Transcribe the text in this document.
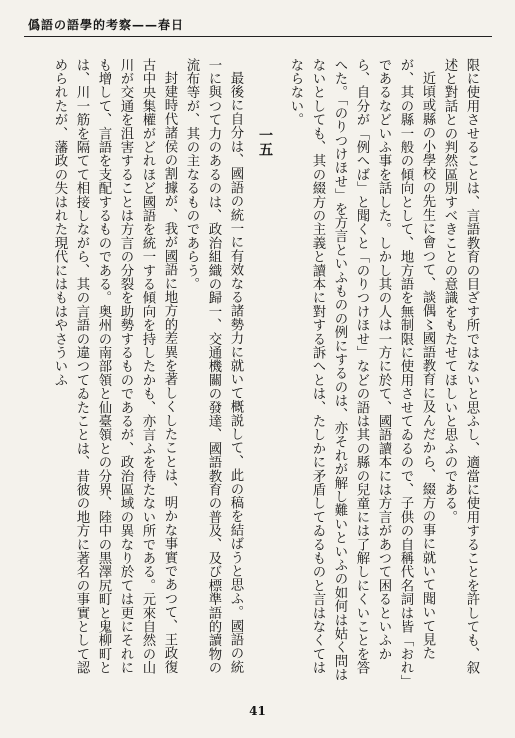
僞語の語學的考察——春日

限に使用させることは、言語教育の目ざす所ではないと思ふし、適當に使用することを許しても、叙述と對話との判然區別すべきことの意識をもたせてほしいと思ふのである。

近頃或縣の小學校の先生に會つて、談偶〻國語教育に及んだから、綴方の事に就いて聞いて見たが、其の縣一般の傾向として、地方語を無制限に使用させてゐるので、子供の自稱代名詞は皆「おれ」であるなどいふ事を話した。しかし其の人は一方に於て、國語讀本には方言があつて困るといふから、自分が「例へば」と聞くと「のりつけほせ」などの語は其の縣の兒童には了解しにくいことを答へた。「のりつけほせ」を方言といふものの例にするのは、亦それが解し難いといふの如何は姑く問はないとしても、其の綴方の主義と讀本に對する訴へとは、たしかに矛盾してゐるものと言はなくてはならない。

一五

最後に自分は、國語の統一に有效なる諸勢力に就いて概説して、此の稿を結ばうと思ふ。國語の統一に與つて力のあるのは、政治組織の歸一、交通機關の發達、國語教育の普及、及び標準語的讀物の流布等が、其の主なるものであらう。

封建時代諸侯の割據が、我が國語に地方的差異を著しくしたことは、明かな事實であつて、王政復古中央集權がどれほど國語を統一する傾向を持したかも、亦言ふを待たない所である。元來自然の山川が交通を沮害することは方言の分裂を助勢するものであるが、政治區域の異なり於ては更にそれにも增して、言語を支配するものである。奥州の南部領と仙臺領との分界、陸中の黒澤尻町と鬼柳町とは、川一筋を隔てて相接しながら、其の言語の違つてゐたことは、昔彼の地方に著名の事實として認められたが、藩政の失はれた現代にはもはやさういふ

41
